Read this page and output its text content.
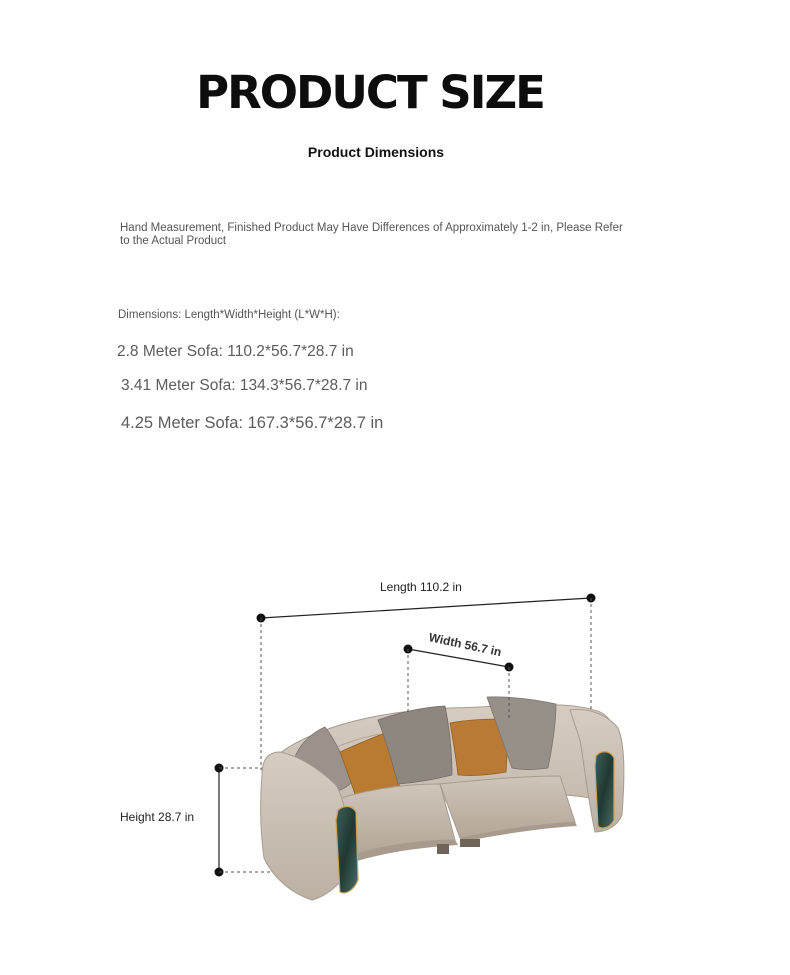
PRODUCT SIZE
Product Dimensions
Hand Measurement, Finished Product May Have Differences of Approximately 1-2 in, Please Refer to the Actual Product
Dimensions: Length*Width*Height (L*W*H):
2.8 Meter Sofa: 110.2*56.7*28.7 in
3.41 Meter Sofa: 134.3*56.7*28.7 in
4.25 Meter Sofa: 167.3*56.7*28.7 in
Length 110.2 in
Width 56.7 in
Height 28.7 in
